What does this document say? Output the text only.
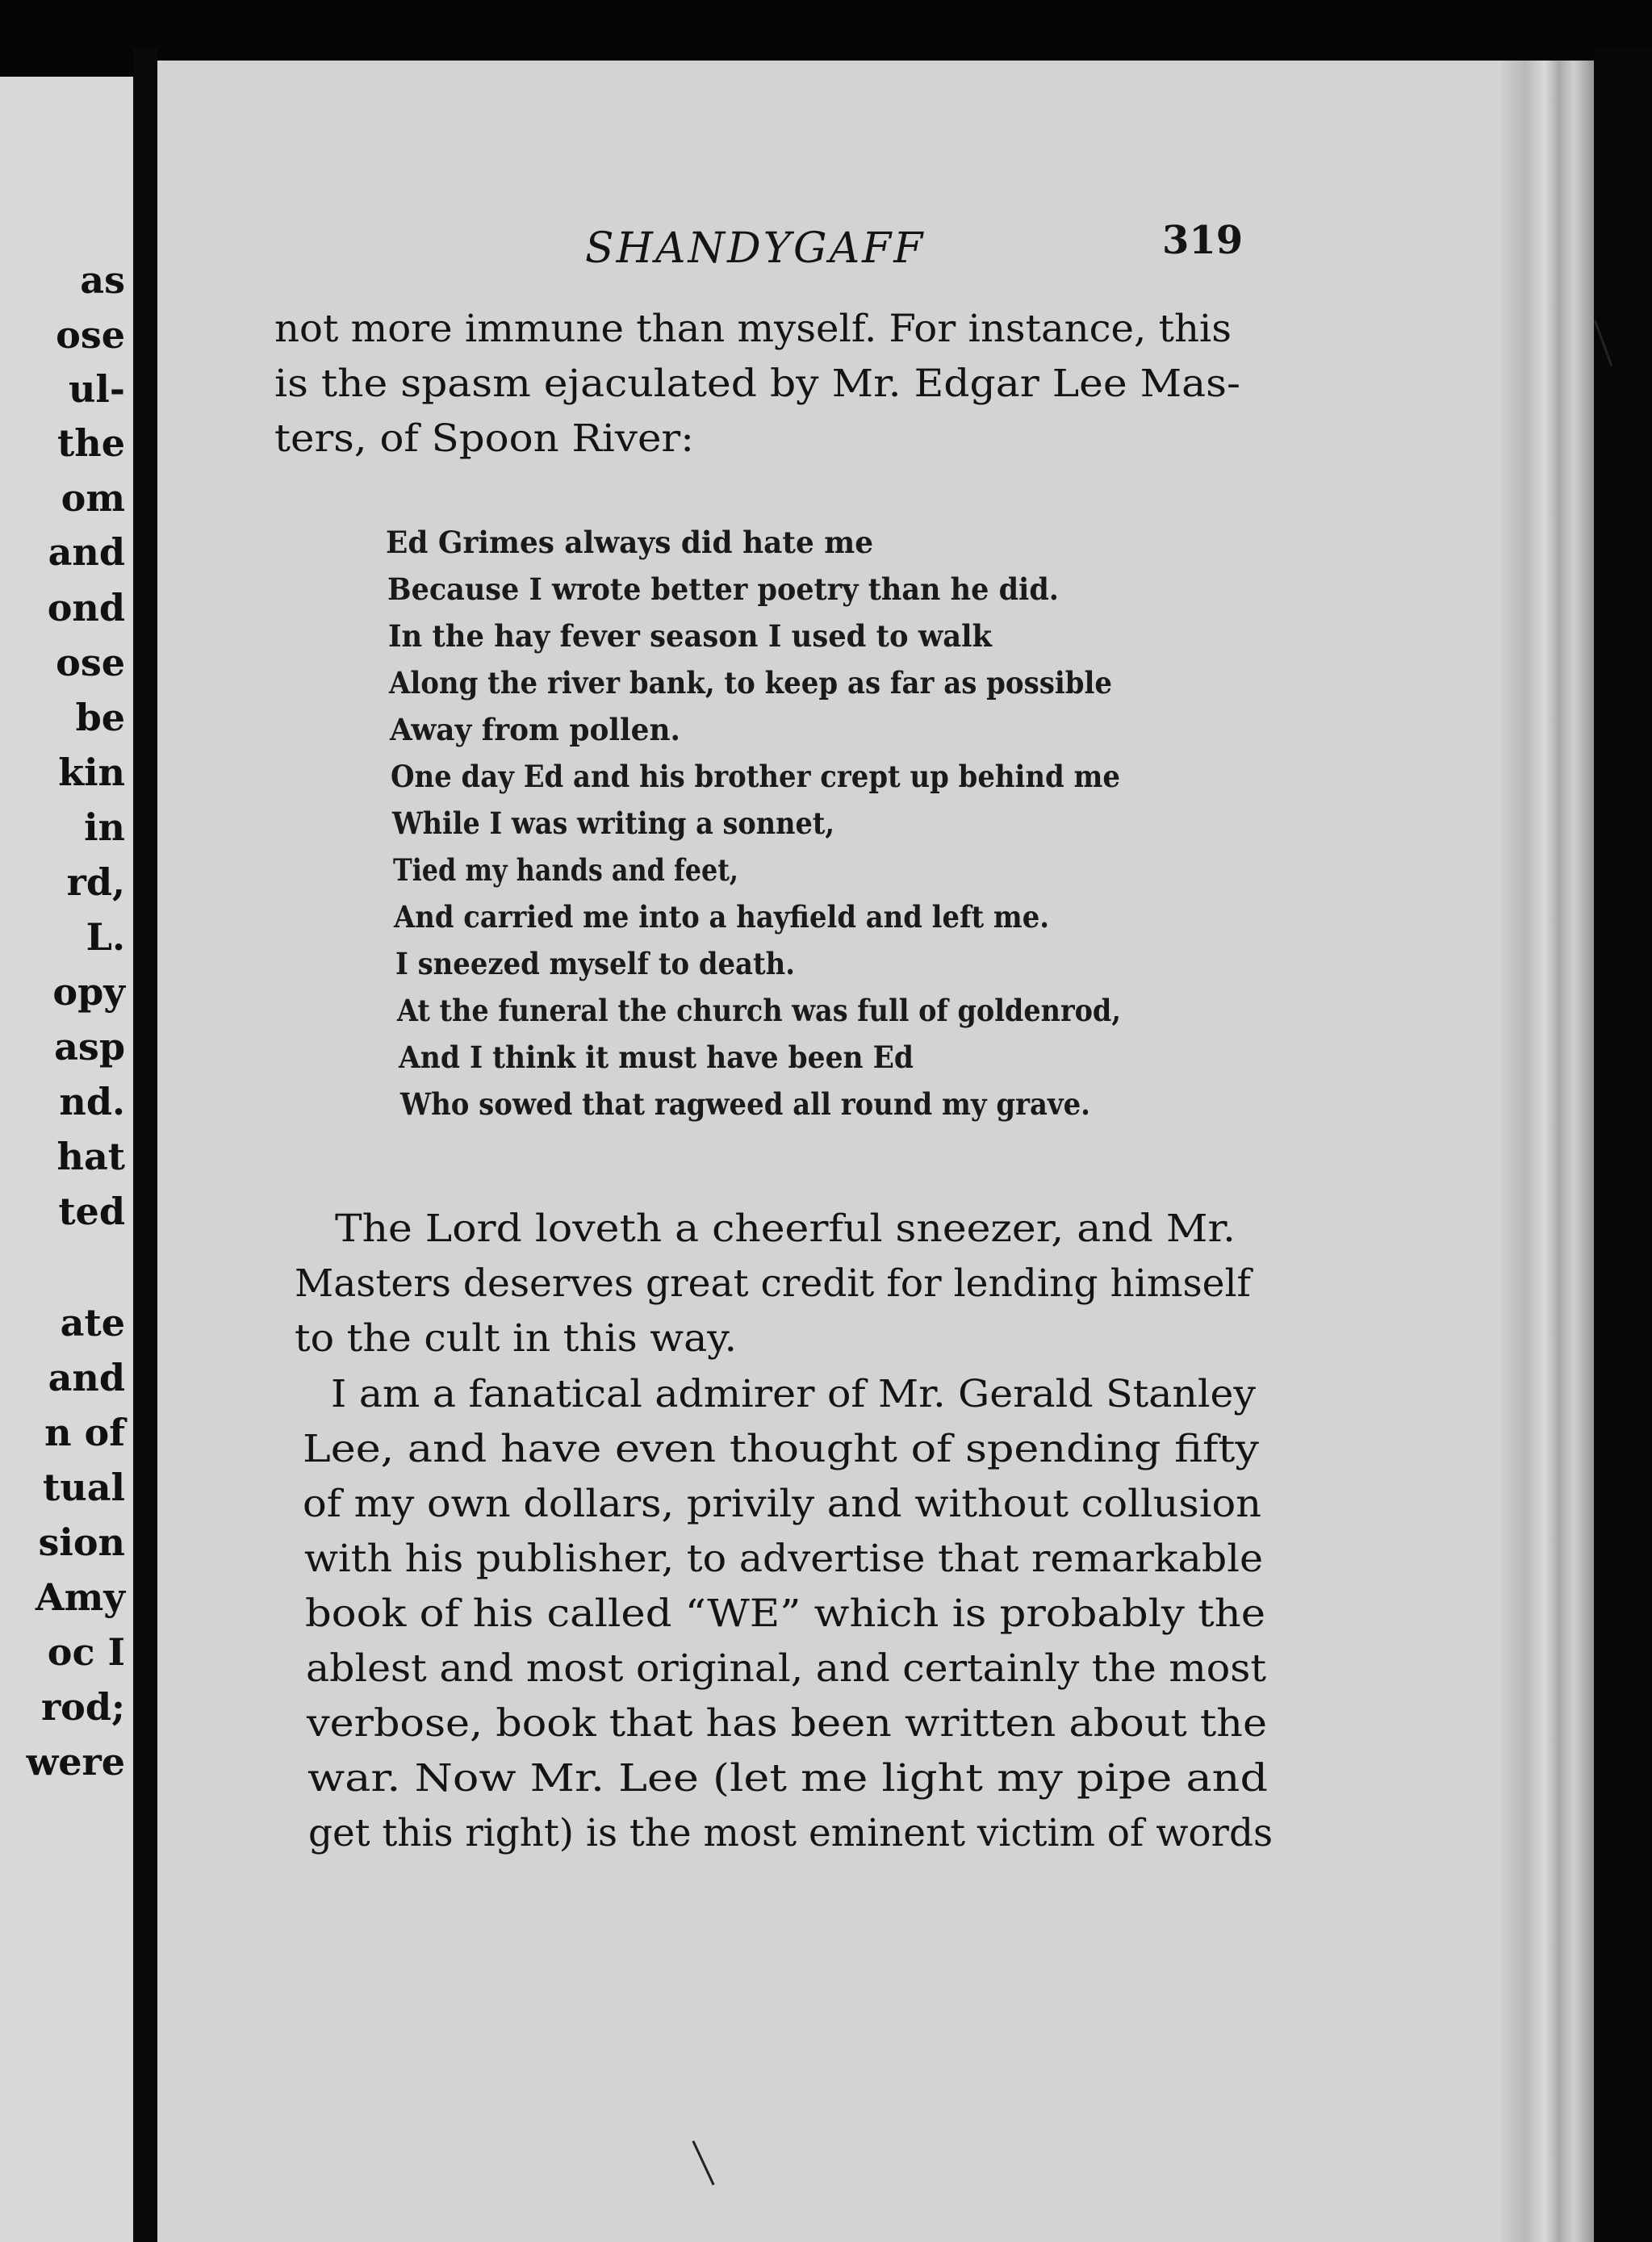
as
ose
ul-
the
om
and
ond
ose
be
kin
in
rd,
L.
opy
asp
nd.
hat
ted
ate
and
n of
tual
sion
Amy
oc I
rod;
were
SHANDYGAFF	319
not more immune than myself. For instance, this
is the spasm ejaculated by Mr. Edgar Lee Mas-
ters, of Spoon River:
Ed Grimes always did hate me
Because I wrote better poetry than he did.
In the hay fever season I used to walk
Along the river bank, to keep as far as possible
Away from pollen.
One day Ed and his brother crept up behind me
While I was writing a sonnet,
Tied my hands and feet,
And carried me into a hayfield and left me.
I sneezed myself to death.
At the funeral the church was full of goldenrod,
And I think it must have been Ed
Who sowed that ragweed all round my grave.
The Lord loveth a cheerful sneezer, and Mr.
Masters deserves great credit for lending himself
to the cult in this way.
I am a fanatical admirer of Mr. Gerald Stanley
Lee, and have even thought of spending fifty
of my own dollars, privily and without collusion
with his publisher, to advertise that remarkable
book of his called “WE” which is probably the
ablest and most original, and certainly the most
verbose, book that has been written about the
war. Now Mr. Lee (let me light my pipe and
get this right) is the most eminent victim of words
